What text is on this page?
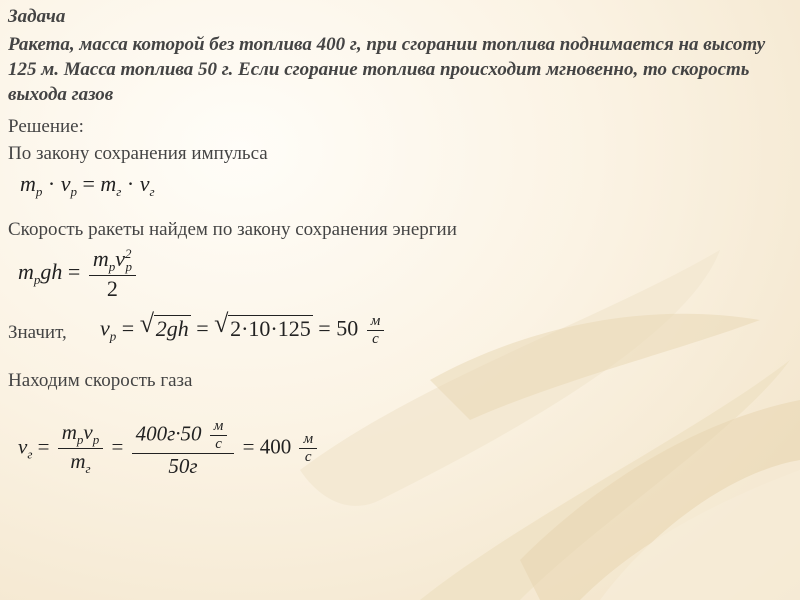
Задача
Ракета, масса которой без топлива 400 г, при сгорании топлива поднимается на высоту 125 м. Масса топлива 50 г. Если сгорание топлива происходит мгновенно, то скорость выхода газов
Решение:
По закону сохранения импульса
$m_p \cdot v_p = m_г \cdot v_г$
Скорость ракеты найдем по закону сохранения энергии
$m_pgh = \frac{m_pv^2_p}{2}$
Значит, $v_p$ = √ 2gh = √ $2\cdot 10\cdot 125 = 50 \frac{м}{с}$
Находим скорость газа
$v_г = \frac{m_pv_p}{m_г} = \frac{400г\cdot 50 \frac{м}{с}}{50г} = 400 \frac{м}{с}$
